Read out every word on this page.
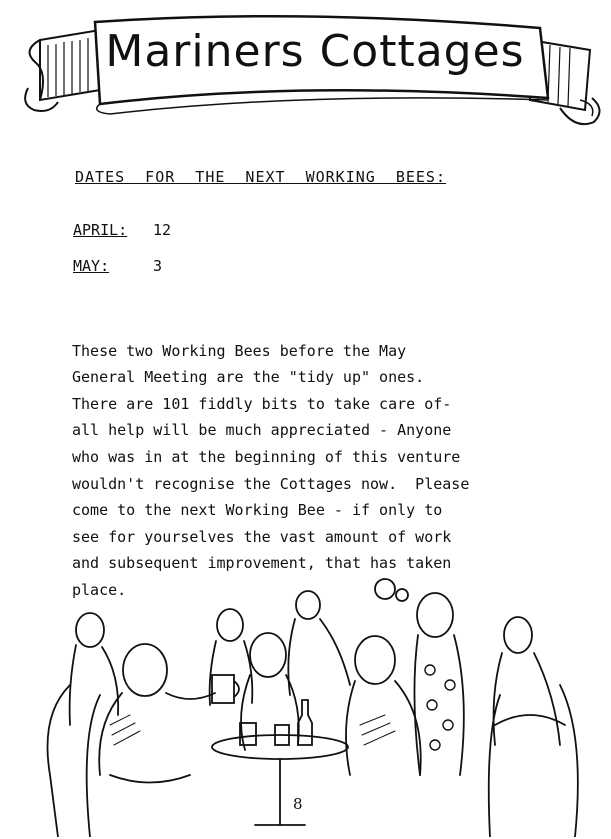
Mariners Cottages
DATES FOR THE NEXT WORKING BEES:
APRIL: 12
MAY:	3

These two Working Bees before the May
General Meeting are the "tidy up" ones.
There are 101 fiddly bits to take care of-
all help will be much appreciated - Anyone
who was in at the beginning of this venture
wouldn't recognise the Cottages now.  Please
come to the next Working Bee - if only to
see for yourselves the vast amount of work
and subsequent improvement, that has taken
place.

8
